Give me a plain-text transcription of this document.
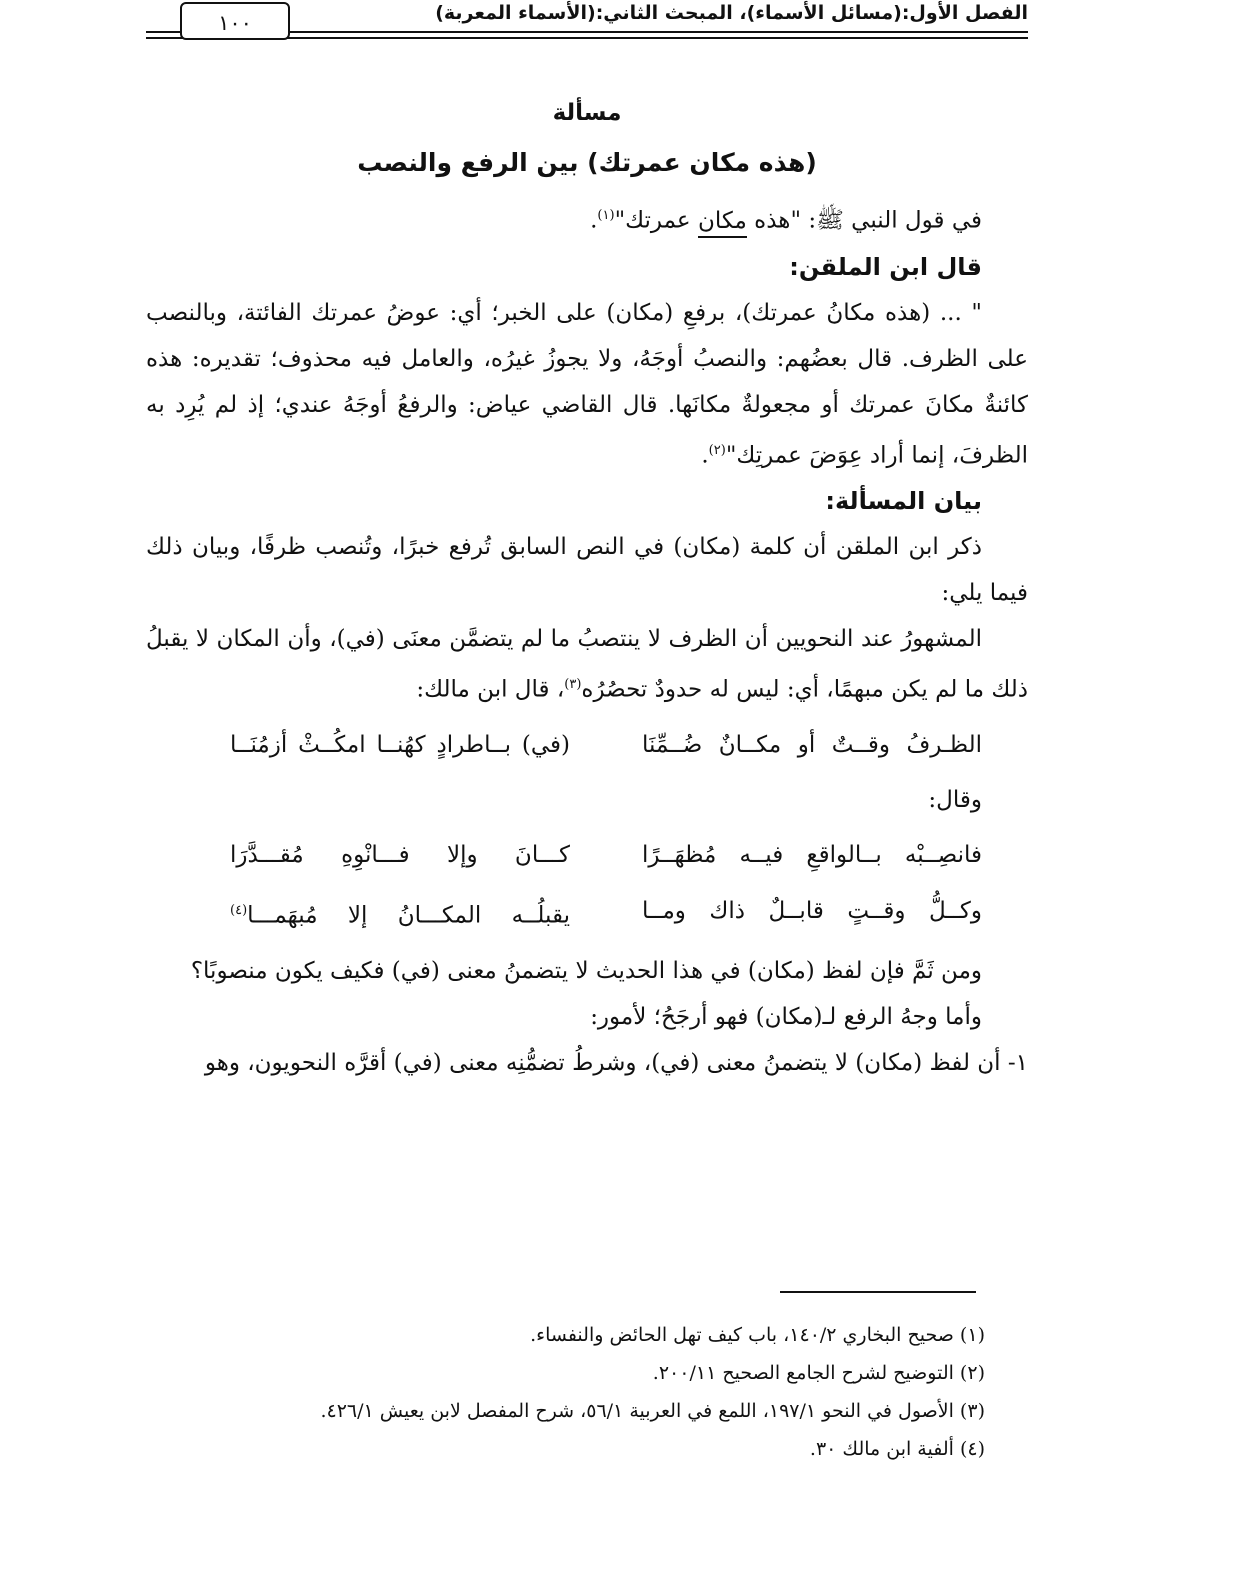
الفصل الأول:(مسائل الأسماء)، المبحث الثاني:(الأسماء المعربة)
١٠٠
مسألة
(هذه مكان عمرتك) بين الرفع والنصب

في قول النبي ﷺ: "هذه مكان عمرتك"$^{(١)}$.

قال ابن الملقن:

" ... (هذه مكانُ عمرتك)، برفعِ (مكان) على الخبر؛ أي: عوضُ عمرتك الفائتة، وبالنصب على الظرف. قال بعضُهم: والنصبُ أوجَهُ، ولا يجوزُ غيرُه، والعامل فيه محذوف؛ تقديره: هذه كائنةٌ مكانَ عمرتك أو مجعولةٌ مكانَها. قال القاضي عياض: والرفعُ أوجَهُ عندي؛ إذ لم يُرِد به الظرفَ، إنما أراد عِوَضَ عمرتِك"$^{(٢)}$.

بيان المسألة:

ذكر ابن الملقن أن كلمة (مكان) في النص السابق تُرفع خبرًا، وتُنصب ظرفًا، وبيان ذلك فيما يلي:

المشهورُ عند النحويين أن الظرف لا ينتصبُ ما لم يتضمَّن معنَى (في)، وأن المكان لا يقبلُ ذلك ما لم يكن مبهمًا، أي: ليس له حدودٌ تحصُرُه$^{(٣)}$، قال ابن مالك:

الظـرفُ وقــتٌ أو مكــانٌ ضُــمِّنَا
(في) بــاطرادٍ كهُنــا امكُــثْ أزمُنَــا

وقال:

فانصِــبْه بــالواقعِ فيــه مُظهَــرًا
كـــانَ وإلا فـــانْوِهِ مُقـــدَّرَا
وكــلُّ وقــتٍ قابــلٌ ذاك ومــا
يقبلُــه المكـــانُ إلا مُبهَمـــا$^{(٤)}$

ومن ثَمَّ فإن لفظ (مكان) في هذا الحديث لا يتضمنُ معنى (في) فكيف يكون منصوبًا؟

وأما وجهُ الرفع لـ(مكان) فهو أرجَحُ؛ لأمور:

١- أن لفظ (مكان) لا يتضمنُ معنى (في)، وشرطُ تضمُّنِه معنى (في) أقرَّه النحويون، وهو

(١) صحيح البخاري ١٤٠/٢، باب كيف تهل الحائض والنفساء.

(٢) التوضيح لشرح الجامع الصحيح ٢٠٠/١١.

(٣) الأصول في النحو ١٩٧/١، اللمع في العربية ٥٦/١، شرح المفصل لابن يعيش ٤٢٦/١.

(٤) ألفية ابن مالك ٣٠.
